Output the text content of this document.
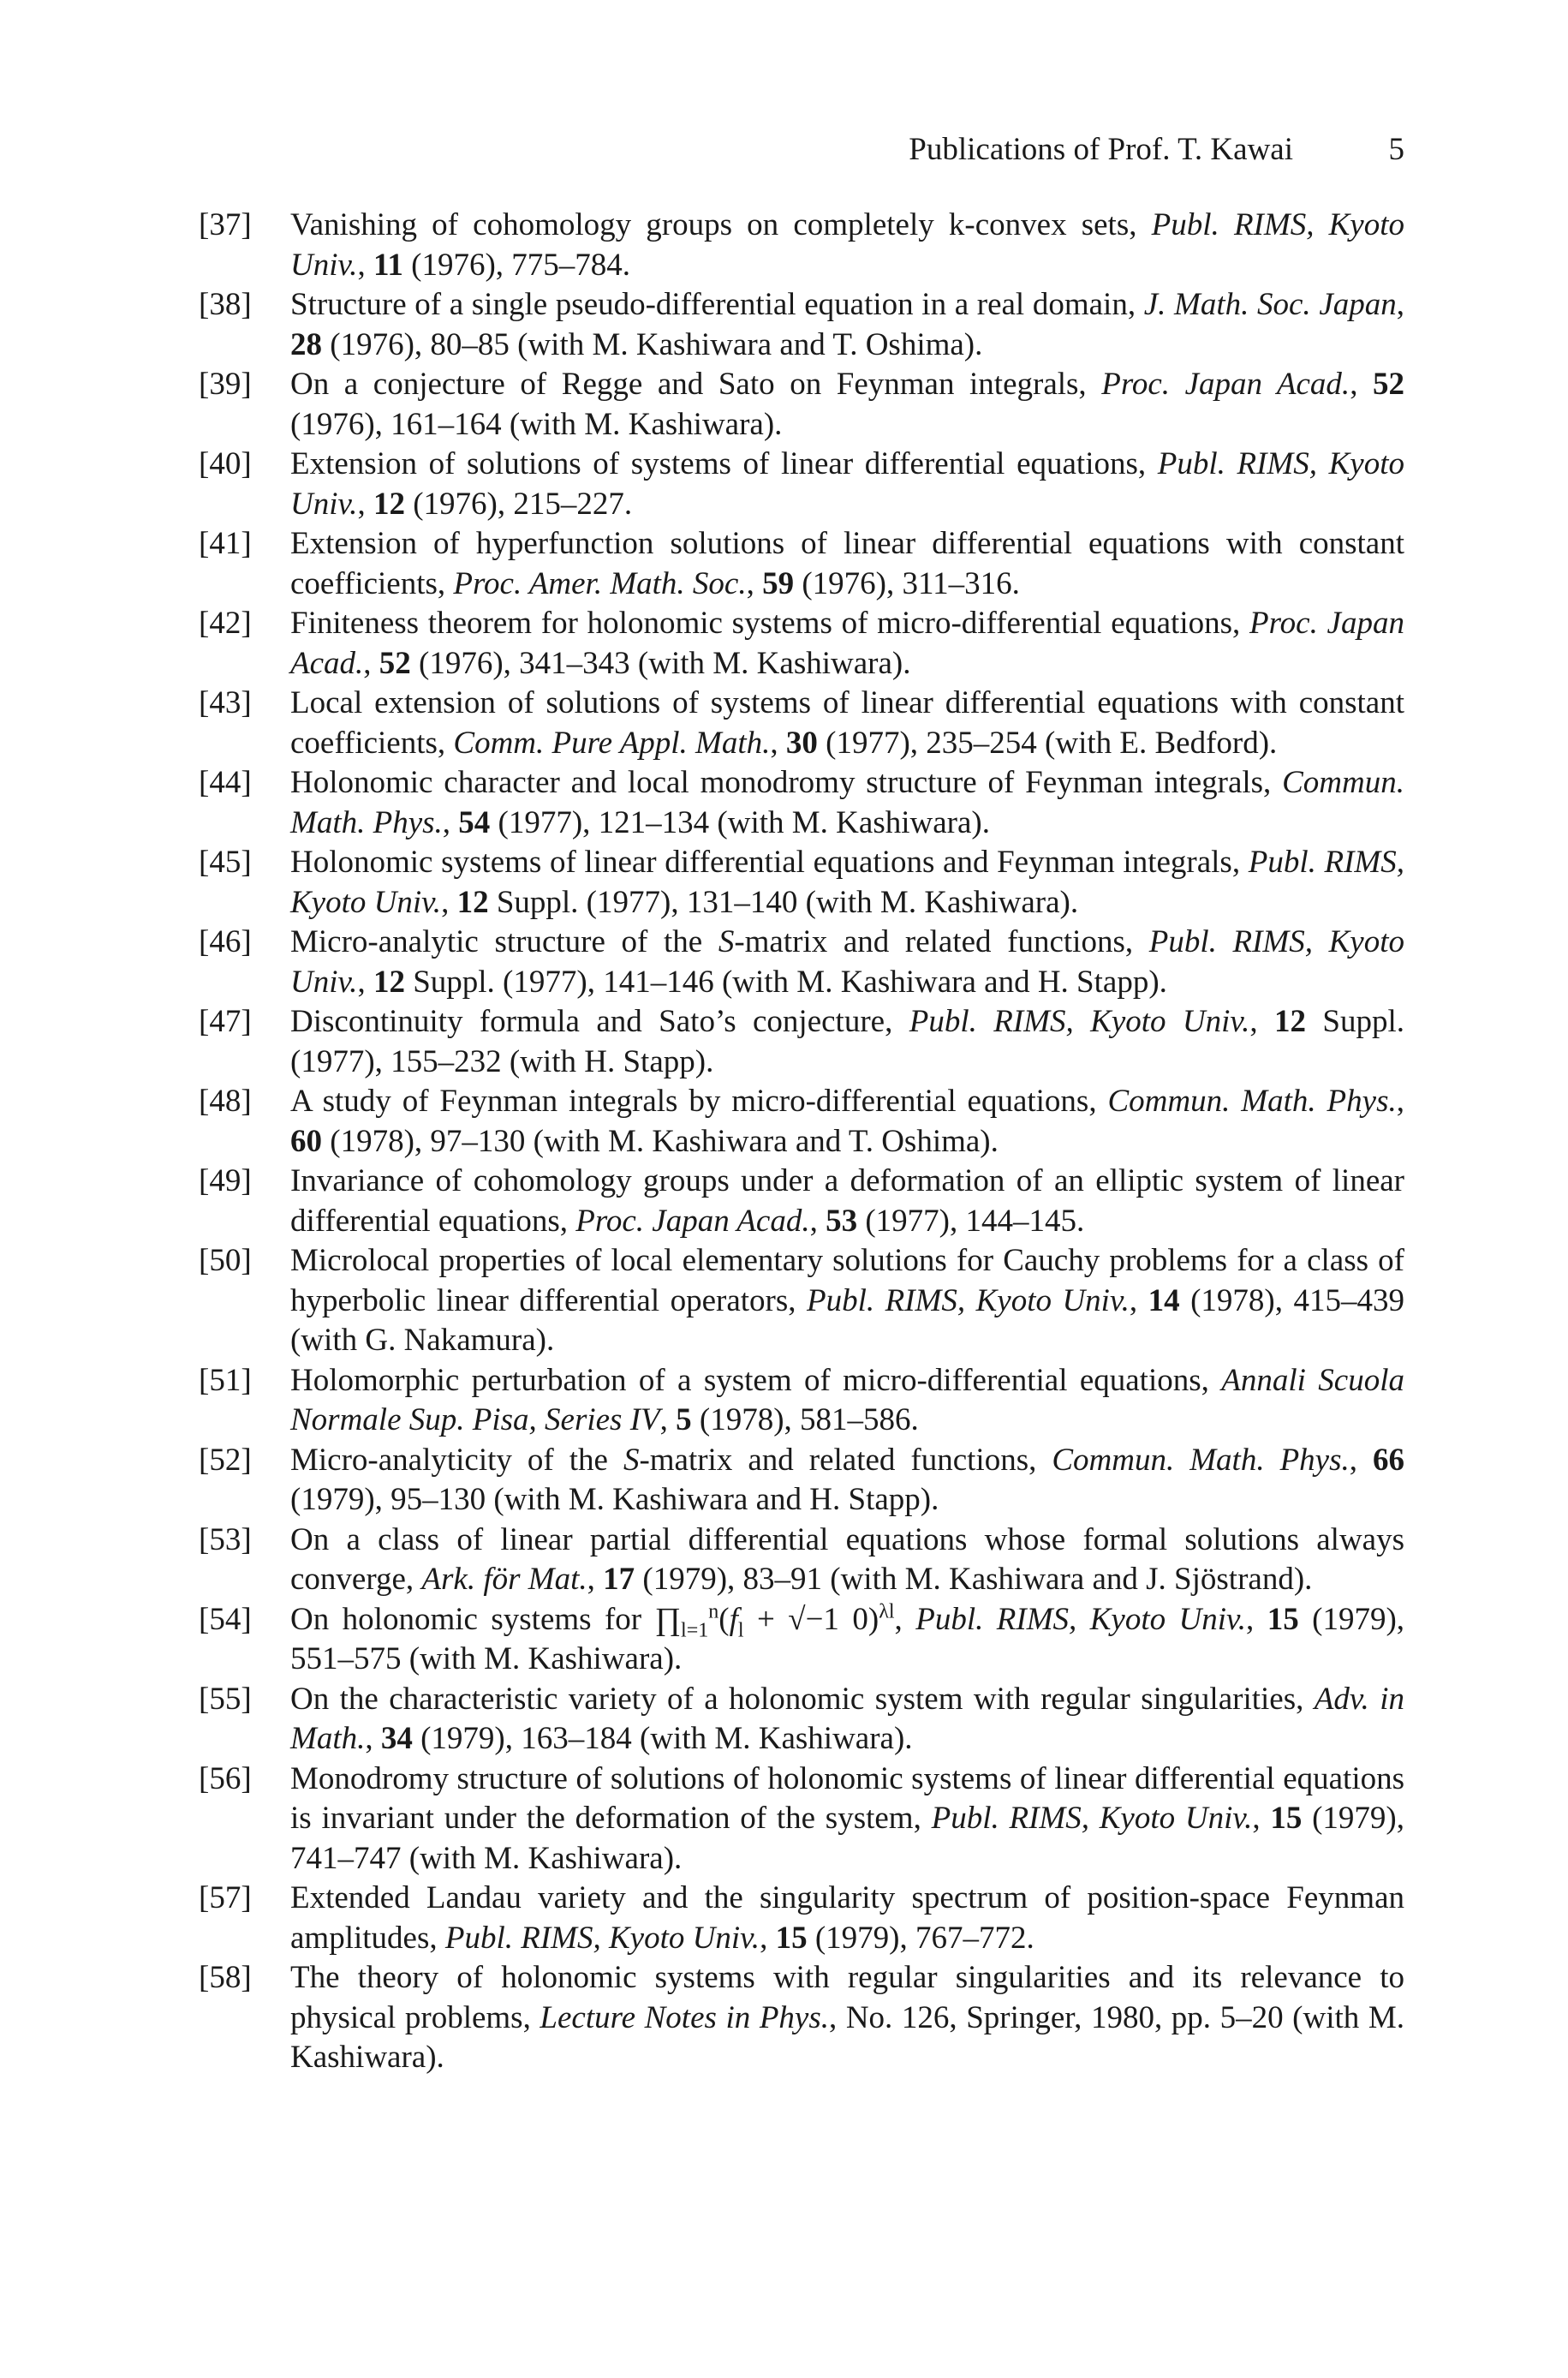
Publications of Prof. T. Kawai	5
[37] Vanishing of cohomology groups on completely k-convex sets, Publ. RIMS, Kyoto Univ., 11 (1976), 775–784.
[38] Structure of a single pseudo-differential equation in a real domain, J. Math. Soc. Japan, 28 (1976), 80–85 (with M. Kashiwara and T. Oshima).
[39] On a conjecture of Regge and Sato on Feynman integrals, Proc. Japan Acad., 52 (1976), 161–164 (with M. Kashiwara).
[40] Extension of solutions of systems of linear differential equations, Publ. RIMS, Kyoto Univ., 12 (1976), 215–227.
[41] Extension of hyperfunction solutions of linear differential equations with constant coefficients, Proc. Amer. Math. Soc., 59 (1976), 311–316.
[42] Finiteness theorem for holonomic systems of micro-differential equations, Proc. Japan Acad., 52 (1976), 341–343 (with M. Kashiwara).
[43] Local extension of solutions of systems of linear differential equations with constant coefficients, Comm. Pure Appl. Math., 30 (1977), 235–254 (with E. Bedford).
[44] Holonomic character and local monodromy structure of Feynman integrals, Commun. Math. Phys., 54 (1977), 121–134 (with M. Kashiwara).
[45] Holonomic systems of linear differential equations and Feynman integrals, Publ. RIMS, Kyoto Univ., 12 Suppl. (1977), 131–140 (with M. Kashiwara).
[46] Micro-analytic structure of the S-matrix and related functions, Publ. RIMS, Kyoto Univ., 12 Suppl. (1977), 141–146 (with M. Kashiwara and H. Stapp).
[47] Discontinuity formula and Sato’s conjecture, Publ. RIMS, Kyoto Univ., 12 Suppl. (1977), 155–232 (with H. Stapp).
[48] A study of Feynman integrals by micro-differential equations, Commun. Math. Phys., 60 (1978), 97–130 (with M. Kashiwara and T. Oshima).
[49] Invariance of cohomology groups under a deformation of an elliptic system of linear differential equations, Proc. Japan Acad., 53 (1977), 144–145.
[50] Microlocal properties of local elementary solutions for Cauchy problems for a class of hyperbolic linear differential operators, Publ. RIMS, Kyoto Univ., 14 (1978), 415–439 (with G. Nakamura).
[51] Holomorphic perturbation of a system of micro-differential equations, Annali Scuola Normale Sup. Pisa, Series IV, 5 (1978), 581–586.
[52] Micro-analyticity of the S-matrix and related functions, Commun. Math. Phys., 66 (1979), 95–130 (with M. Kashiwara and H. Stapp).
[53] On a class of linear partial differential equations whose formal solutions always converge, Ark. för Mat., 17 (1979), 83–91 (with M. Kashiwara and J. Sjöstrand).
[54] On holonomic systems for $\prod_{l=1}^n(f_l + √-1$ 0)$^{\lambda l}$, Publ. RIMS, Kyoto Univ., 15 (1979), 551–575 (with M. Kashiwara).
[55] On the characteristic variety of a holonomic system with regular singularities, Adv. in Math., 34 (1979), 163–184 (with M. Kashiwara).
[56] Monodromy structure of solutions of holonomic systems of linear differential equations is invariant under the deformation of the system, Publ. RIMS, Kyoto Univ., 15 (1979), 741–747 (with M. Kashiwara).
[57] Extended Landau variety and the singularity spectrum of position-space Feynman amplitudes, Publ. RIMS, Kyoto Univ., 15 (1979), 767–772.
[58] The theory of holonomic systems with regular singularities and its relevance to physical problems, Lecture Notes in Phys., No. 126, Springer, 1980, pp. 5–20 (with M. Kashiwara).
